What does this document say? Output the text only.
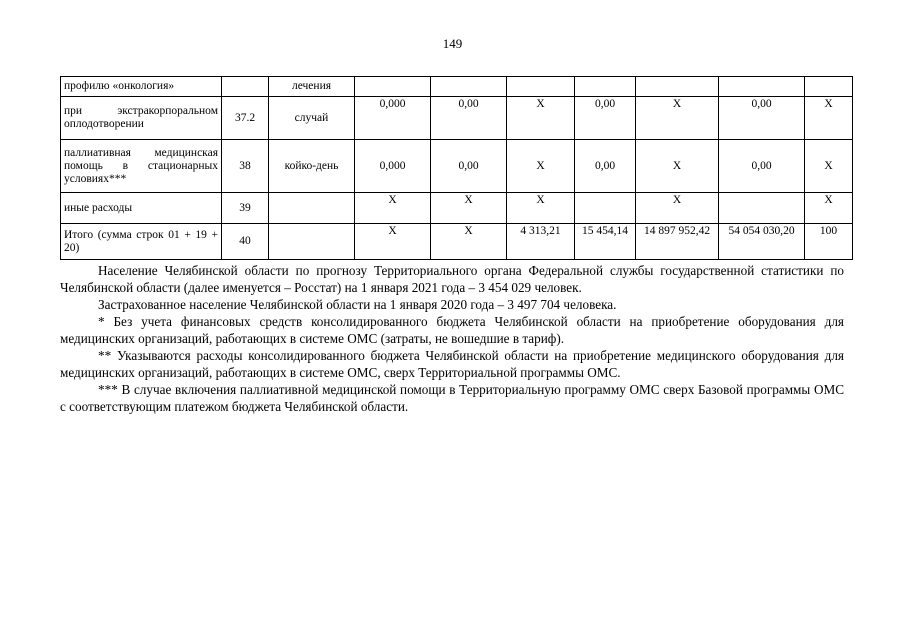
149
профилю «онкология»		лечения							
при экстракорпоральном оплодотворении	37.2	случай	0,000	0,00	Х	0,00	Х	0,00	Х
паллиативная медицинская помощь в стационарных условиях***	38	койко-день	0,000	0,00	Х	0,00	Х	0,00	Х
иные расходы	39		Х	Х	Х		Х		Х
Итого (сумма строк 01 + 19 + 20)	40		Х	Х	4 313,21	15 454,14	14 897 952,42	54 054 030,20	100

Население Челябинской области по прогнозу Территориального органа Федеральной службы государственной статистики по Челябинской области (далее именуется – Росстат) на 1 января 2021 года – 3 454 029 человек.

Застрахованное население Челябинской области на 1 января 2020 года – 3 497 704 человека.

* Без учета финансовых средств консолидированного бюджета Челябинской области на приобретение оборудования для медицинских организаций, работающих в системе ОМС (затраты, не вошедшие в тариф).

** Указываются расходы консолидированного бюджета Челябинской области на приобретение медицинского оборудования для медицинских организаций, работающих в системе ОМС, сверх Территориальной программы ОМС.

*** В случае включения паллиативной медицинской помощи в Территориальную программу ОМС сверх Базовой программы ОМС с соответствующим платежом бюджета Челябинской области.
